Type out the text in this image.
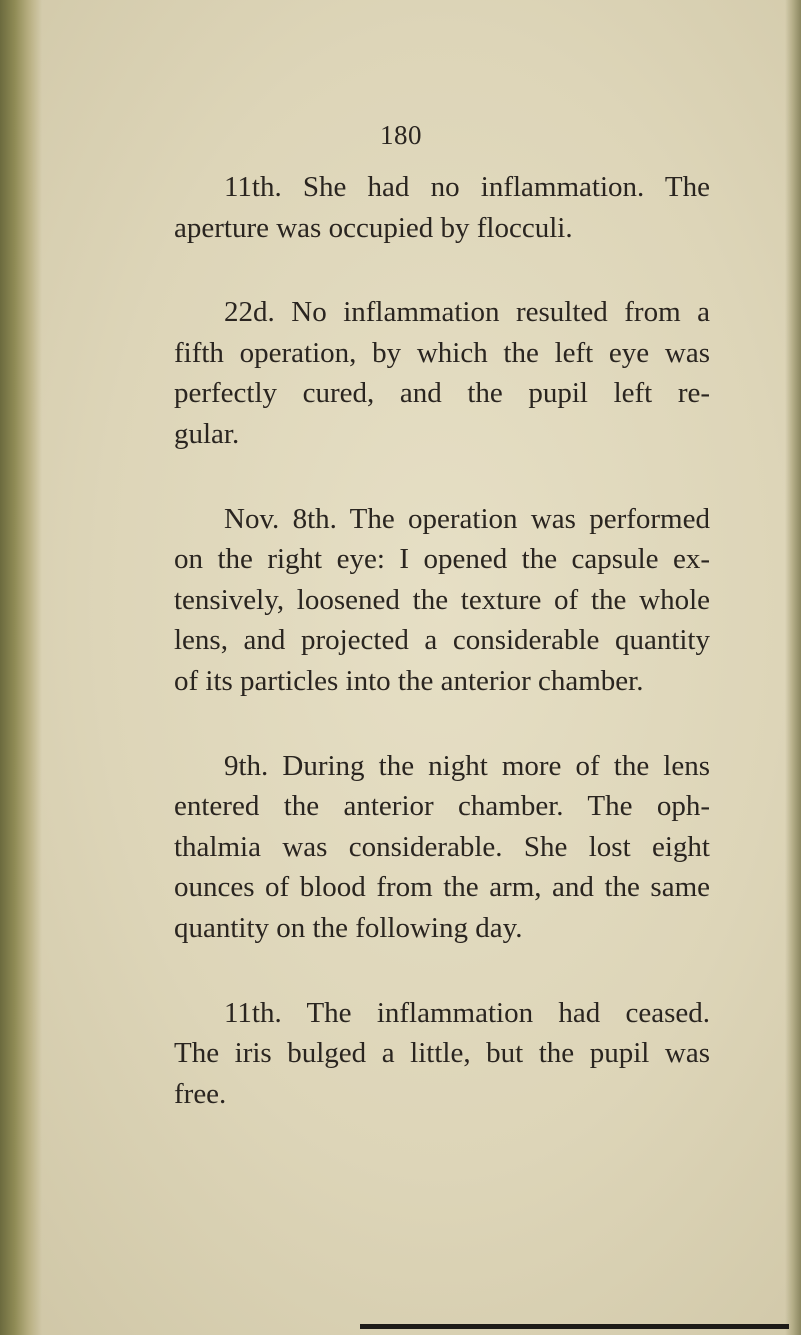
180
11th. She had no inflammation. The
aperture was occupied by flocculi.
22d. No inflammation resulted from a
fifth operation, by which the left eye was
perfectly cured, and the pupil left re-
gular.
Nov. 8th. The operation was performed
on the right eye: I opened the capsule ex-
tensively, loosened the texture of the whole
lens, and projected a considerable quantity
of its particles into the anterior chamber.
9th. During the night more of the lens
entered the anterior chamber. The oph-
thalmia was considerable. She lost eight
ounces of blood from the arm, and the same
quantity on the following day.
11th. The inflammation had ceased.
The iris bulged a little, but the pupil was
free.
